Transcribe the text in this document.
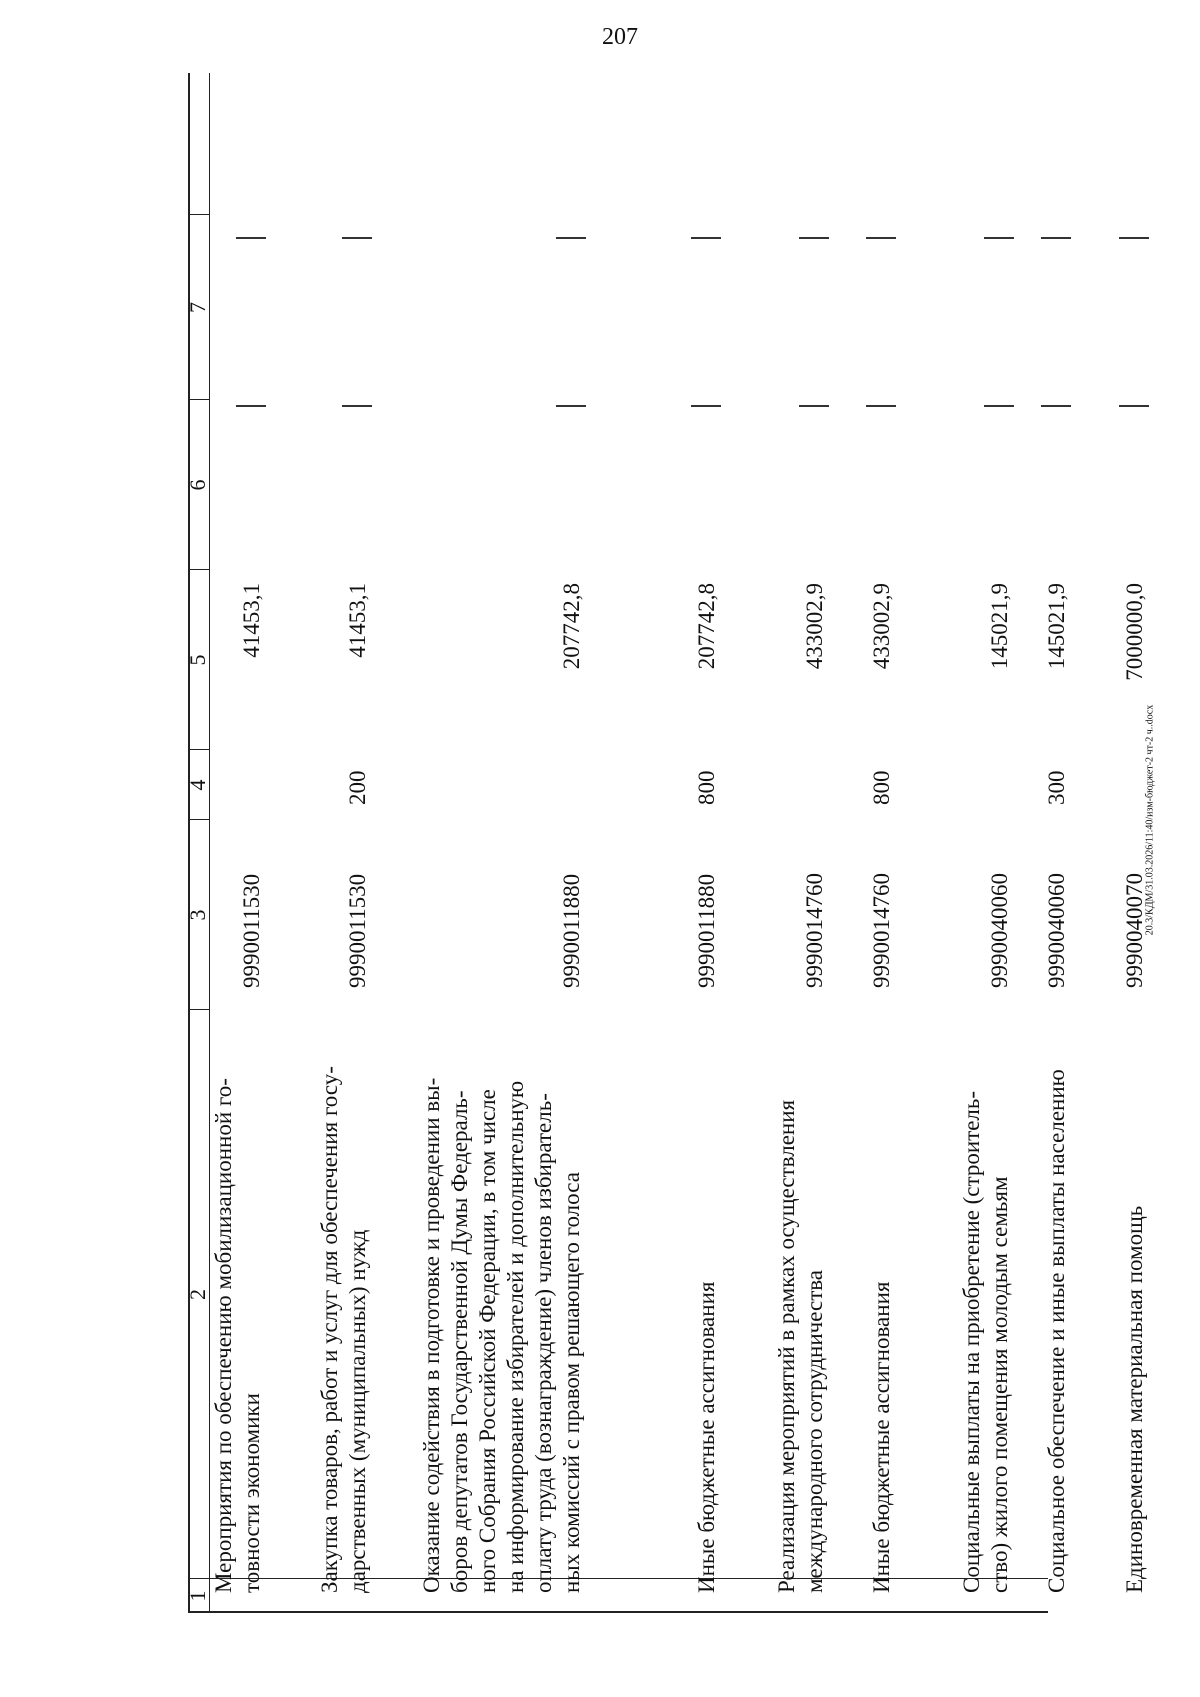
207
20.3/КДМ/31.03.2026/11:40/изм-бюджет-2 чт-2 ч..docx
1
2
3
4
5
6
7
Мероприятия по обеспечению мобилизационной го- товности экономики
9990011530
41453,1
Закупка товаров, работ и услуг для обеспечения госу- дарственных (муниципальных) нужд
9990011530
200
41453,1
Оказание содействия в подготовке и проведении вы- боров депутатов Государственной Думы Федераль- ного Собрания Российской Федерации, в том числе на информирование избирателей и дополнительную оплату труда (вознаграждение) членов избиратель- ных комиссий с правом решающего голоса
9990011880
207742,8
Иные бюджетные ассигнования
9990011880
800
207742,8
Реализация мероприятий в рамках осуществления международного сотрудничества
9990014760
433002,9
Иные бюджетные ассигнования
9990014760
800
433002,9
Социальные выплаты на приобретение (строитель- ство) жилого помещения молодым семьям
9990040060
145021,9
Социальное обеспечение и иные выплаты населению
9990040060
300
145021,9
Единовременная материальная помощь
9990040070
7000000,0
